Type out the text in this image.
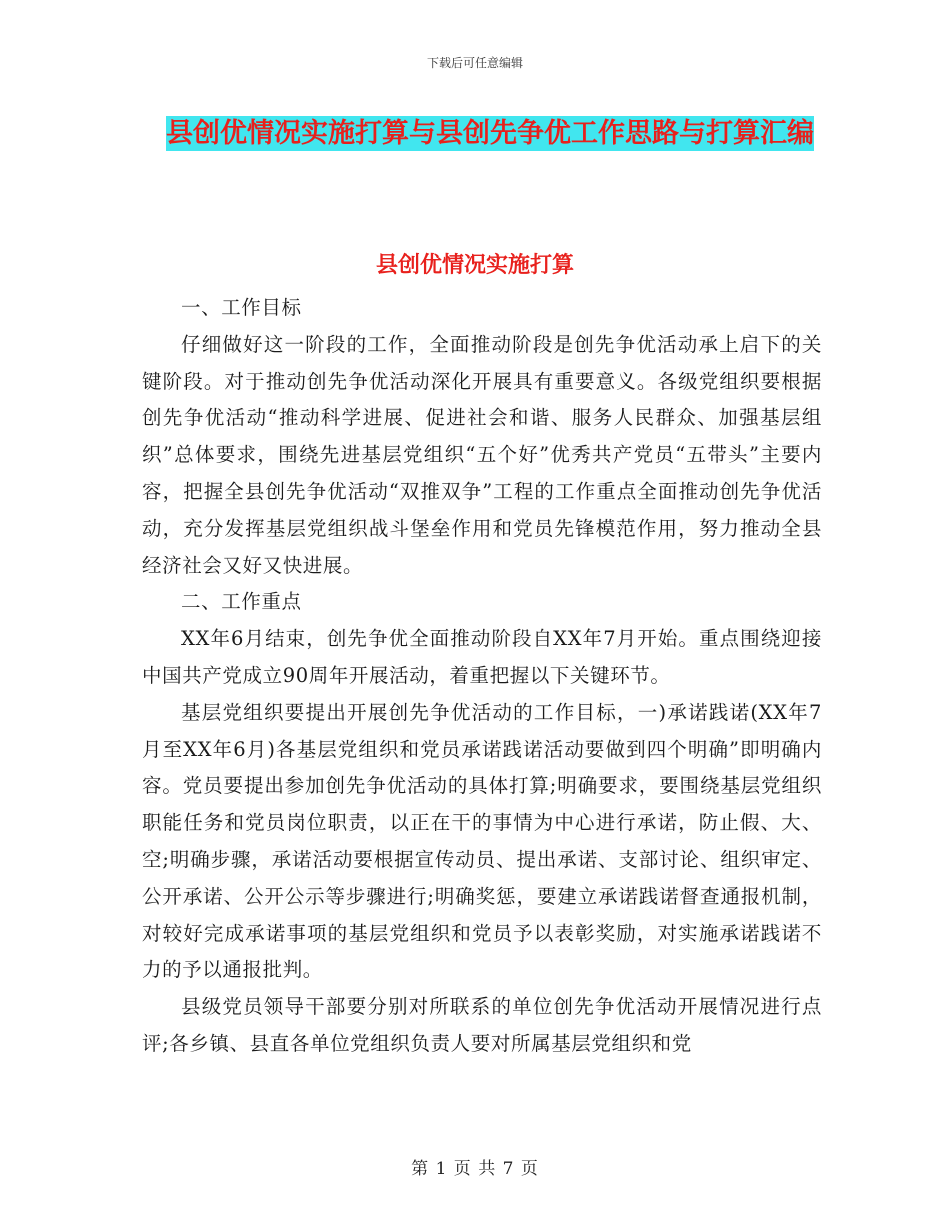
下载后可任意编辑
县创优情况实施打算与县创先争优工作思路与打算汇编
县创优情况实施打算

一、工作目标

仔细做好这一阶段的工作，全面推动阶段是创先争优活动承上启下的关键阶段。对于推动创先争优活动深化开展具有重要意义。各级党组织要根据创先争优活动“推动科学进展、促进社会和谐、服务人民群众、加强基层组织”总体要求，围绕先进基层党组织“五个好”优秀共产党员“五带头”主要内容，把握全县创先争优活动“双推双争”工程的工作重点全面推动创先争优活动，充分发挥基层党组织战斗堡垒作用和党员先锋模范作用，努力推动全县经济社会又好又快进展。

二、工作重点

XX年6月结束，创先争优全面推动阶段自XX年7月开始。重点围绕迎接中国共产党成立90周年开展活动，着重把握以下关键环节。

基层党组织要提出开展创先争优活动的工作目标，一)承诺践诺(XX年7月至XX年6月)各基层党组织和党员承诺践诺活动要做到四个明确”即明确内容。党员要提出参加创先争优活动的具体打算;明确要求，要围绕基层党组织职能任务和党员岗位职责，以正在干的事情为中心进行承诺，防止假、大、空;明确步骤，承诺活动要根据宣传动员、提出承诺、支部讨论、组织审定、公开承诺、公开公示等步骤进行;明确奖惩，要建立承诺践诺督查通报机制，对较好完成承诺事项的基层党组织和党员予以表彰奖励，对实施承诺践诺不力的予以通报批判。

县级党员领导干部要分别对所联系的单位创先争优活动开展情况进行点评;各乡镇、县直各单位党组织负责人要对所属基层党组织和党

第 1 页 共 7 页
